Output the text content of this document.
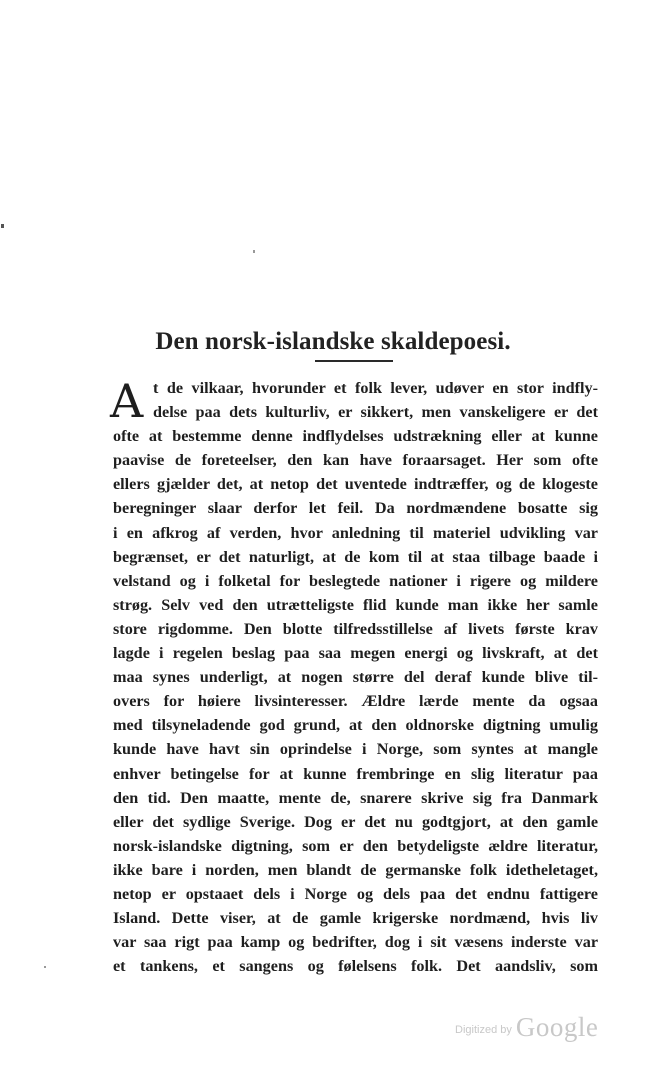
Den norsk-islandske skaldepoesi.
A t de vilkaar, hvorunder et folk lever, udøver en stor indfly-
delse paa dets kulturliv, er sikkert, men vanskeligere er det
ofte at bestemme denne indflydelses udstrækning eller at kunne
paavise de foreteelser, den kan have foraarsaget. Her som ofte
ellers gjælder det, at netop det uventede indtræffer, og de klogeste
beregninger slaar derfor let feil. Da nordmændene bosatte sig
i en afkrog af verden, hvor anledning til materiel udvikling var
begrænset, er det naturligt, at de kom til at staa tilbage baade i
velstand og i folketal for beslegtede nationer i rigere og mildere
strøg. Selv ved den utrætteligste flid kunde man ikke her samle
store rigdomme. Den blotte tilfredsstillelse af livets første krav
lagde i regelen beslag paa saa megen energi og livskraft, at det
maa synes underligt, at nogen større del deraf kunde blive til-
overs for høiere livsinteresser. Ældre lærde mente da ogsaa
med tilsyneladende god grund, at den oldnorske digtning umulig
kunde have havt sin oprindelse i Norge, som syntes at mangle
enhver betingelse for at kunne frembringe en slig literatur paa
den tid. Den maatte, mente de, snarere skrive sig fra Danmark
eller det sydlige Sverige. Dog er det nu godtgjort, at den gamle
norsk-islandske digtning, som er den betydeligste ældre literatur,
ikke bare i norden, men blandt de germanske folk idetheletaget,
netop er opstaaet dels i Norge og dels paa det endnu fattigere
Island. Dette viser, at de gamle krigerske nordmænd, hvis liv
var saa rigt paa kamp og bedrifter, dog i sit væsens inderste var
et tankens, et sangens og følelsens folk. Det aandsliv, som
Digitized by Google
